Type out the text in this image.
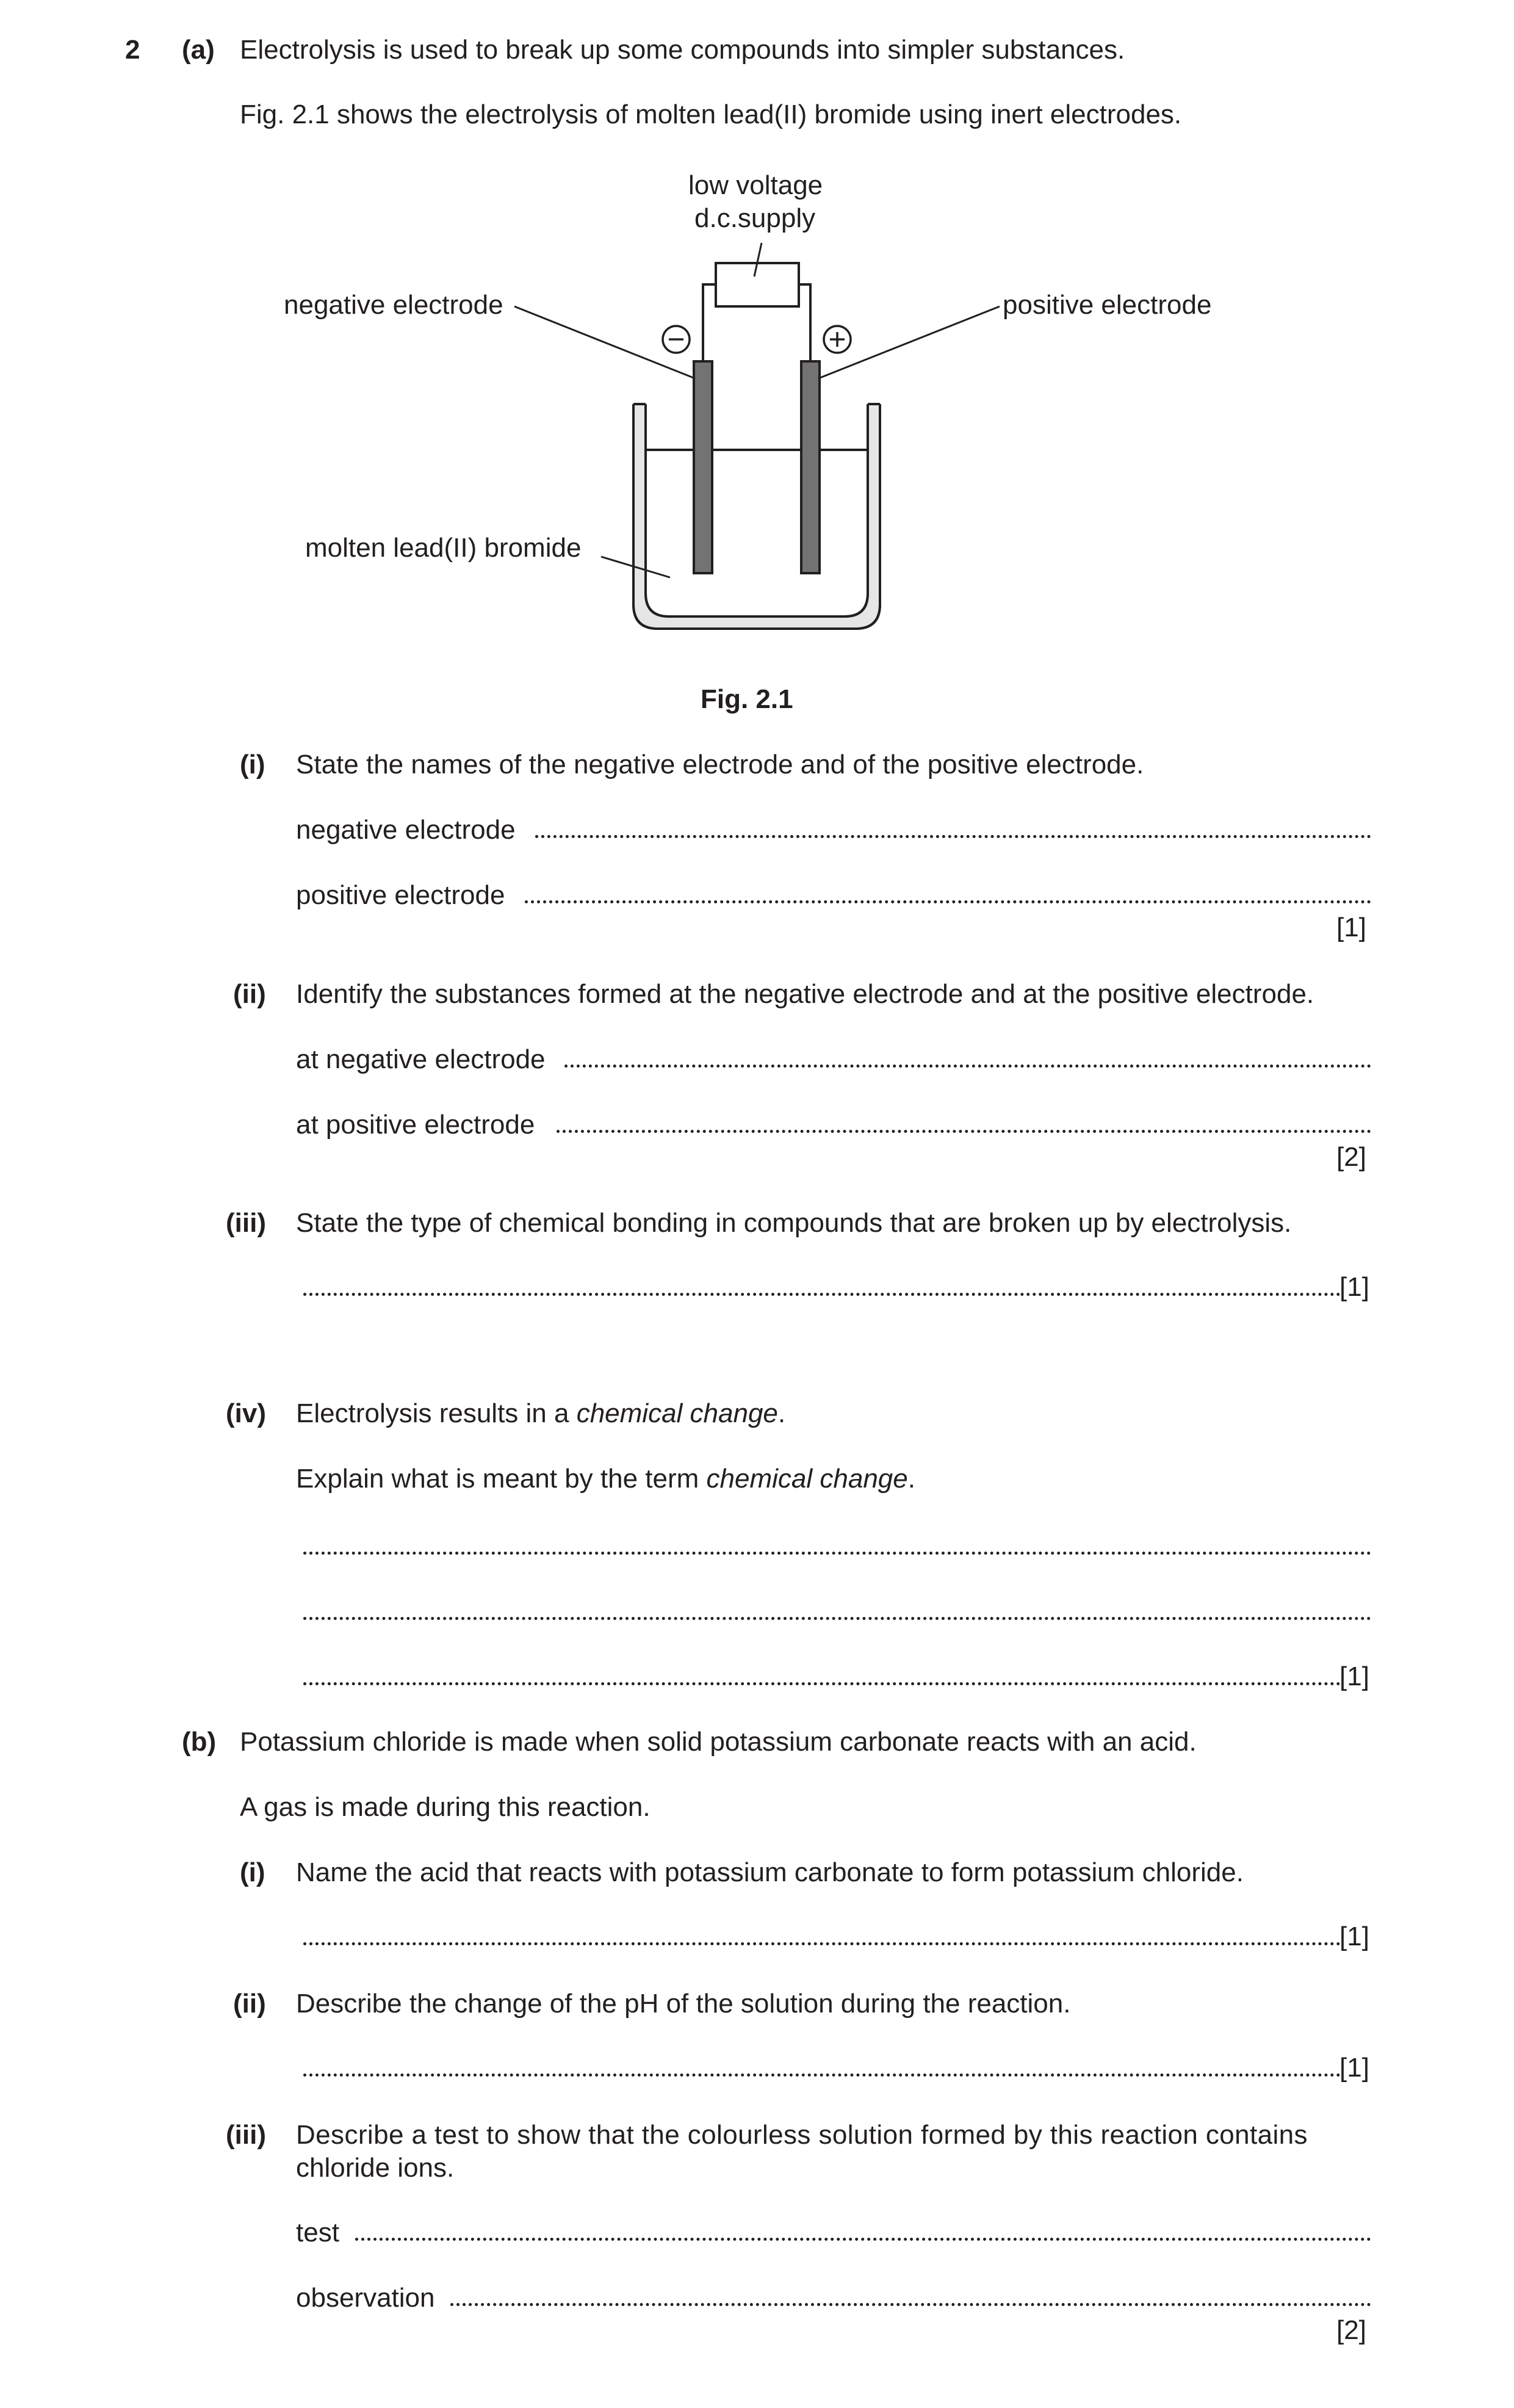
2 (a) Electrolysis is used to break up some compounds into simpler substances.
Fig. 2.1 shows the electrolysis of molten lead(II) bromide using inert electrodes.
low voltage
d.c.supply
negative electrode	positive electrode
molten lead(II) bromide
Fig. 2.1
(i) State the names of the negative electrode and of the positive electrode.
negative electrode
positive electrode
[1]
(ii) Identify the substances formed at the negative electrode and at the positive electrode.
at negative electrode
at positive electrode
[2]
(iii) State the type of chemical bonding in compounds that are broken up by electrolysis.
[1]
(iv) Electrolysis results in a chemical change.
Explain what is meant by the term chemical change.
[1]
(b) Potassium chloride is made when solid potassium carbonate reacts with an acid.
A gas is made during this reaction.
(i) Name the acid that reacts with potassium carbonate to form potassium chloride.
[1]
(ii) Describe the change of the pH of the solution during the reaction.
[1]
(iii) Describe a test to show that the colourless solution formed by this reaction contains
chloride ions.
test
observation
[2]
